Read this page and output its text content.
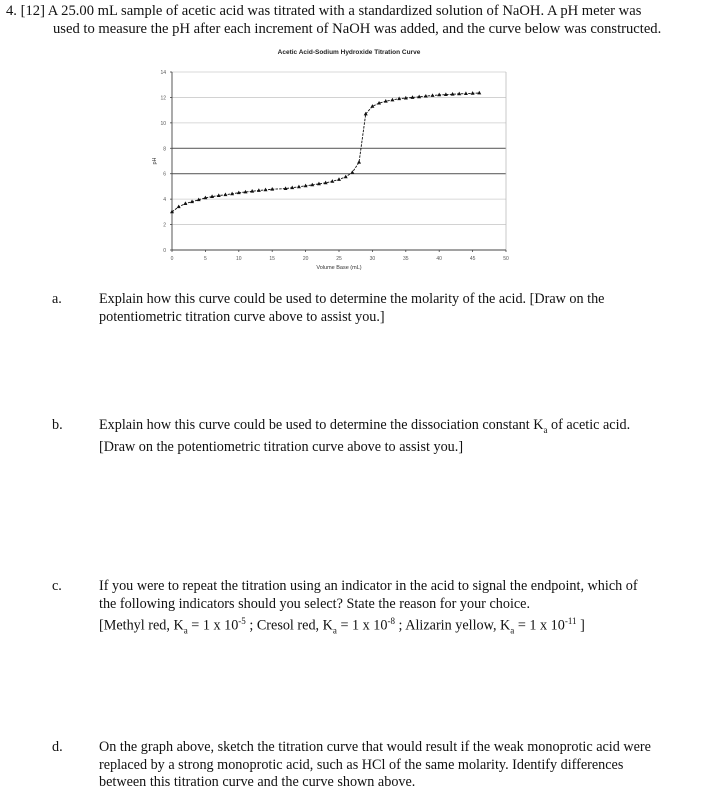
4. [12] A 25.00 mL sample of acetic acid was titrated with a standardized solution of NaOH. A pH meter was
used to measure the pH after each increment of NaOH was added, and the curve below was constructed.
Acetic Acid-Sodium Hydroxide Titration Curve
0
2
4
6
8
10
12
14
0	5	10	15	20	25	30	35	40	45	50
Volume Base (mL)
pH
a.	Explain how this curve could be used to determine the molarity of the acid. [Draw on the
potentiometric titration curve above to assist you.]
b.	Explain how this curve could be used to determine the dissociation constant $K_a$ of acetic acid.
[Draw on the potentiometric titration curve above to assist you.]
c.	If you were to repeat the titration using an indicator in the acid to signal the endpoint, which of
the following indicators should you select? State the reason for your choice.
[Methyl red, $K_a = 1$ x $10^{-5}$ ; Cresol red, $K_a = 1$ x $10^{-8}$ ; Alizarin yellow, $K_a = 1$ x $10^{-11}$ ]
d.	On the graph above, sketch the titration curve that would result if the weak monoprotic acid were
replaced by a strong monoprotic acid, such as HCl of the same molarity. Identify differences
between this titration curve and the curve shown above.
